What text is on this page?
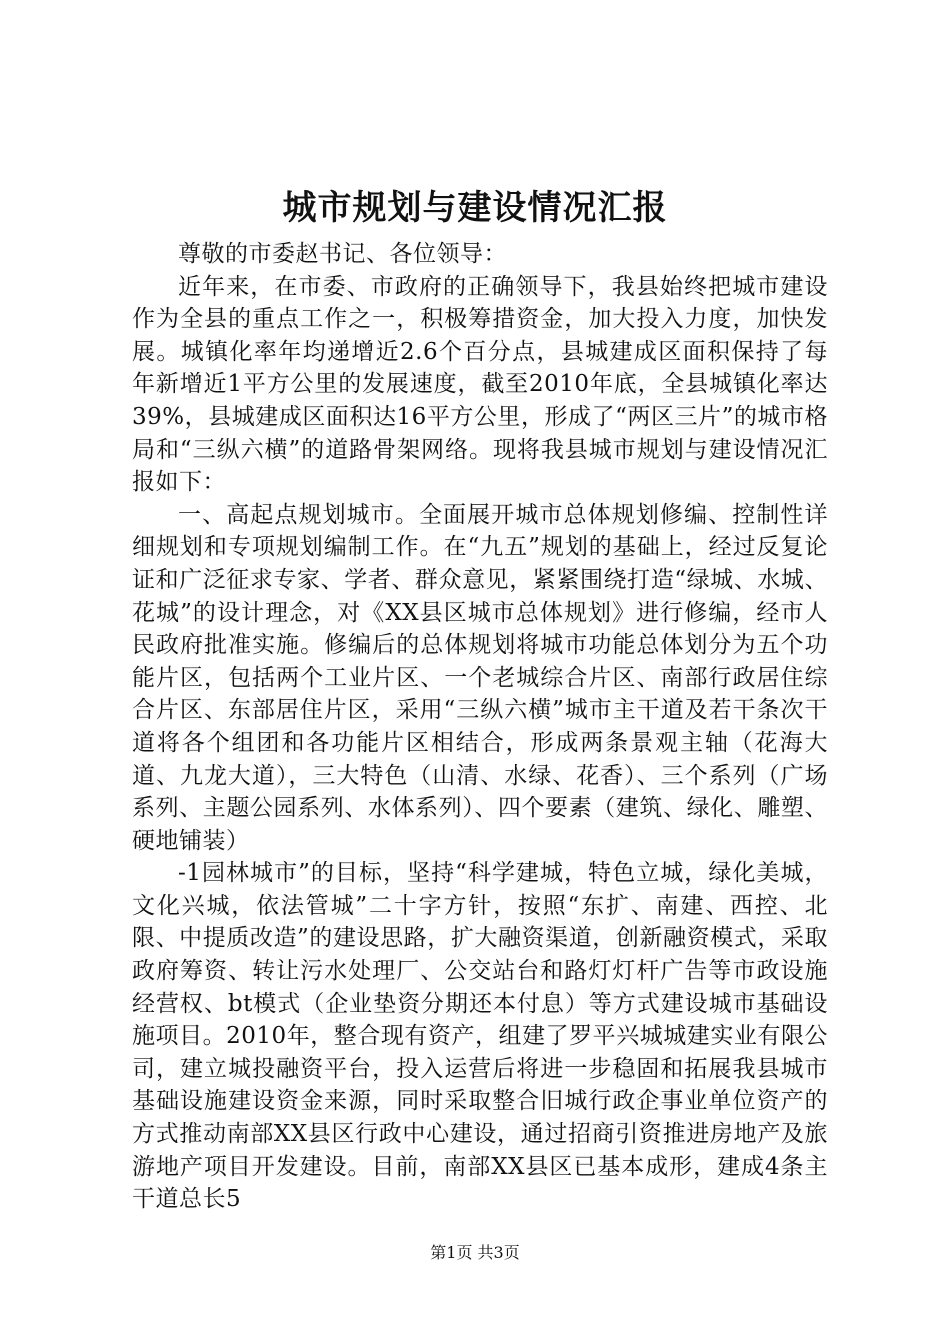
城市规划与建设情况汇报

尊敬的市委赵书记、各位领导：

近年来，在市委、市政府的正确领导下，我县始终把城市建设作为全县的重点工作之一，积极筹措资金，加大投入力度，加快发展。城镇化率年均递增近2.6个百分点，县城建成区面积保持了每年新增近1平方公里的发展速度，截至2010年底，全县城镇化率达39%，县城建成区面积达16平方公里，形成了“两区三片”的城市格局和“三纵六横”的道路骨架网络。现将我县城市规划与建设情况汇报如下：

一、高起点规划城市。全面展开城市总体规划修编、控制性详细规划和专项规划编制工作。在“九五”规划的基础上，经过反复论证和广泛征求专家、学者、群众意见，紧紧围绕打造“绿城、水城、花城”的设计理念，对《XX县区城市总体规划》进行修编，经市人民政府批准实施。修编后的总体规划将城市功能总体划分为五个功能片区，包括两个工业片区、一个老城综合片区、南部行政居住综合片区、东部居住片区，采用“三纵六横”城市主干道及若干条次干道将各个组团和各功能片区相结合，形成两条景观主轴（花海大道、九龙大道），三大特色（山清、水绿、花香）、三个系列（广场系列、主题公园系列、水体系列）、四个要素（建筑、绿化、雕塑、硬地铺装）

-1园林城市”的目标，坚持“科学建城，特色立城，绿化美城，文化兴城，依法管城”二十字方针，按照“东扩、南建、西控、北限、中提质改造”的建设思路，扩大融资渠道，创新融资模式，采取政府筹资、转让污水处理厂、公交站台和路灯灯杆广告等市政设施经营权、bt模式（企业垫资分期还本付息）等方式建设城市基础设施项目。2010年，整合现有资产，组建了罗平兴城城建实业有限公司，建立城投融资平台，投入运营后将进一步稳固和拓展我县城市基础设施建设资金来源，同时采取整合旧城行政企事业单位资产的方式推动南部XX县区行政中心建设，通过招商引资推进房地产及旅游地产项目开发建设。目前，南部XX县区已基本成形，建成4条主干道总长5

第1页 共3页
